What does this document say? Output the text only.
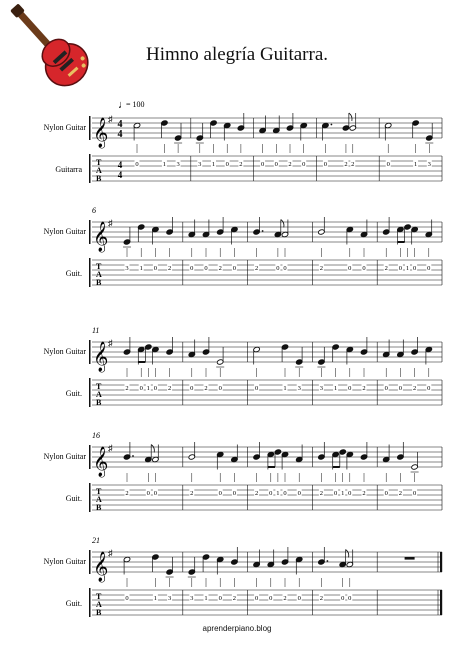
Himno alegría Guitarra.
Nylon Guitar
Guitarra
𝄞 ♯
T
A
B
4
4
4
4
♩
= 100
0	1 3	3 1 0 2	0 0 2 0	0	2 2	0	1 3
Nylon Guitar
Guit.
6
𝄞 ♯
T
A
B
3 1 0 2	0 0 2 0	2	0 0	2	0 0	2 0 1 0 0
Nylon Guitar
Guit.
11
𝄞 ♯
T
A
B
2 0 1 0 2	0 2 0	0	1 3	3 1 0 2	0 0 2 0
Nylon Guitar
Guit.
16
𝄞 ♯
T
A
B
2	0 0	2	0 0	2 0 1 0 0	2 0 1 0 2	0 2 0
Nylon Guitar
Guit.
21
𝄞 ♯
T
A
B
0	1 3	3 1 0 2	0 0 2 0	2	0 0
aprenderpiano.blog
